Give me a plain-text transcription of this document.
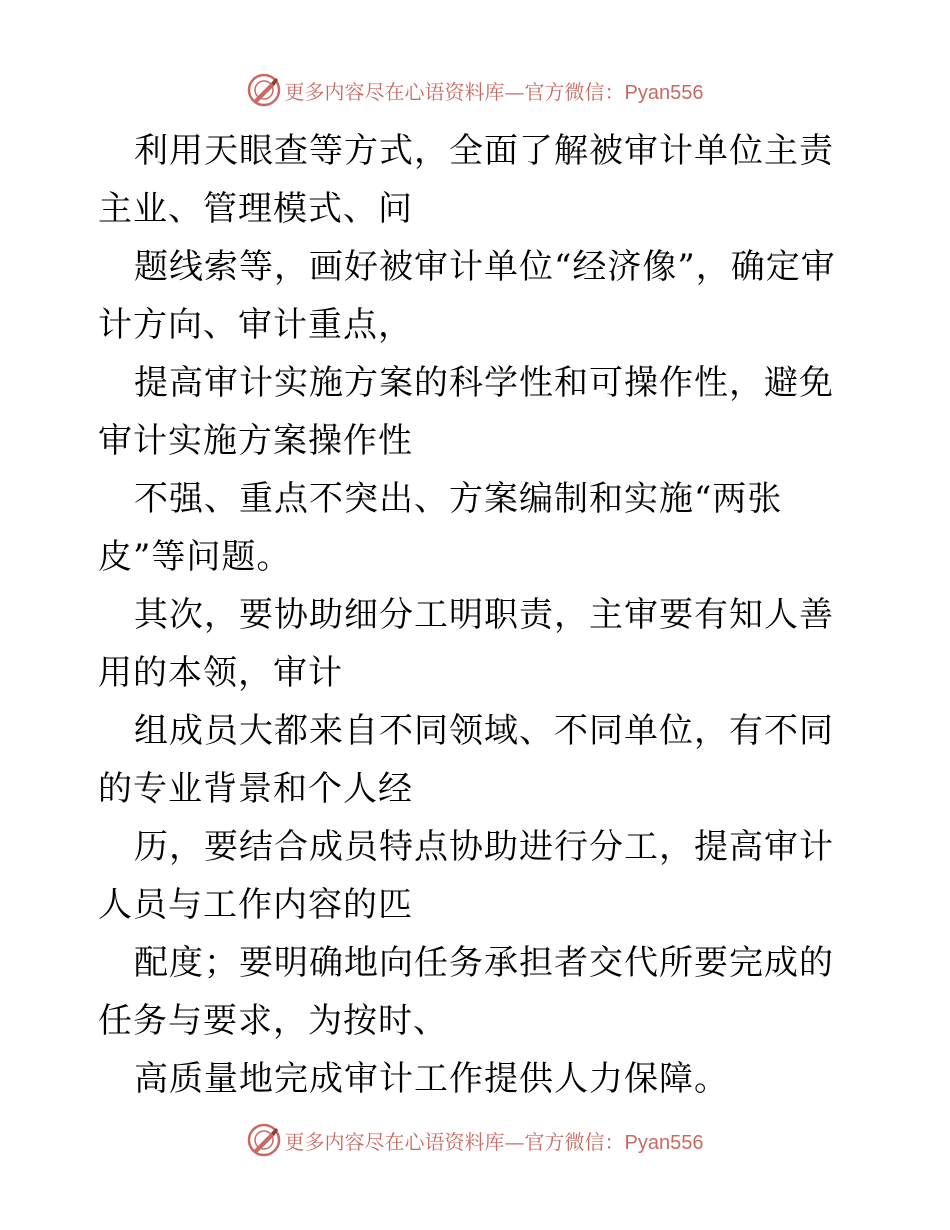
更多内容尽在心语资料库—官方微信：Pyan556

利用天眼查等方式，全面了解被审计单位主责主业、管理模式、问

题线索等，画好被审计单位“经济像”，确定审计方向、审计重点，

提高审计实施方案的科学性和可操作性，避免审计实施方案操作性

不强、重点不突出、方案编制和实施“两张皮”等问题。

其次，要协助细分工明职责，主审要有知人善用的本领，审计

组成员大都来自不同领域、不同单位，有不同的专业背景和个人经

历，要结合成员特点协助进行分工，提高审计人员与工作内容的匹

配度；要明确地向任务承担者交代所要完成的任务与要求，为按时、

高质量地完成审计工作提供人力保障。

更多内容尽在心语资料库—官方微信：Pyan556
